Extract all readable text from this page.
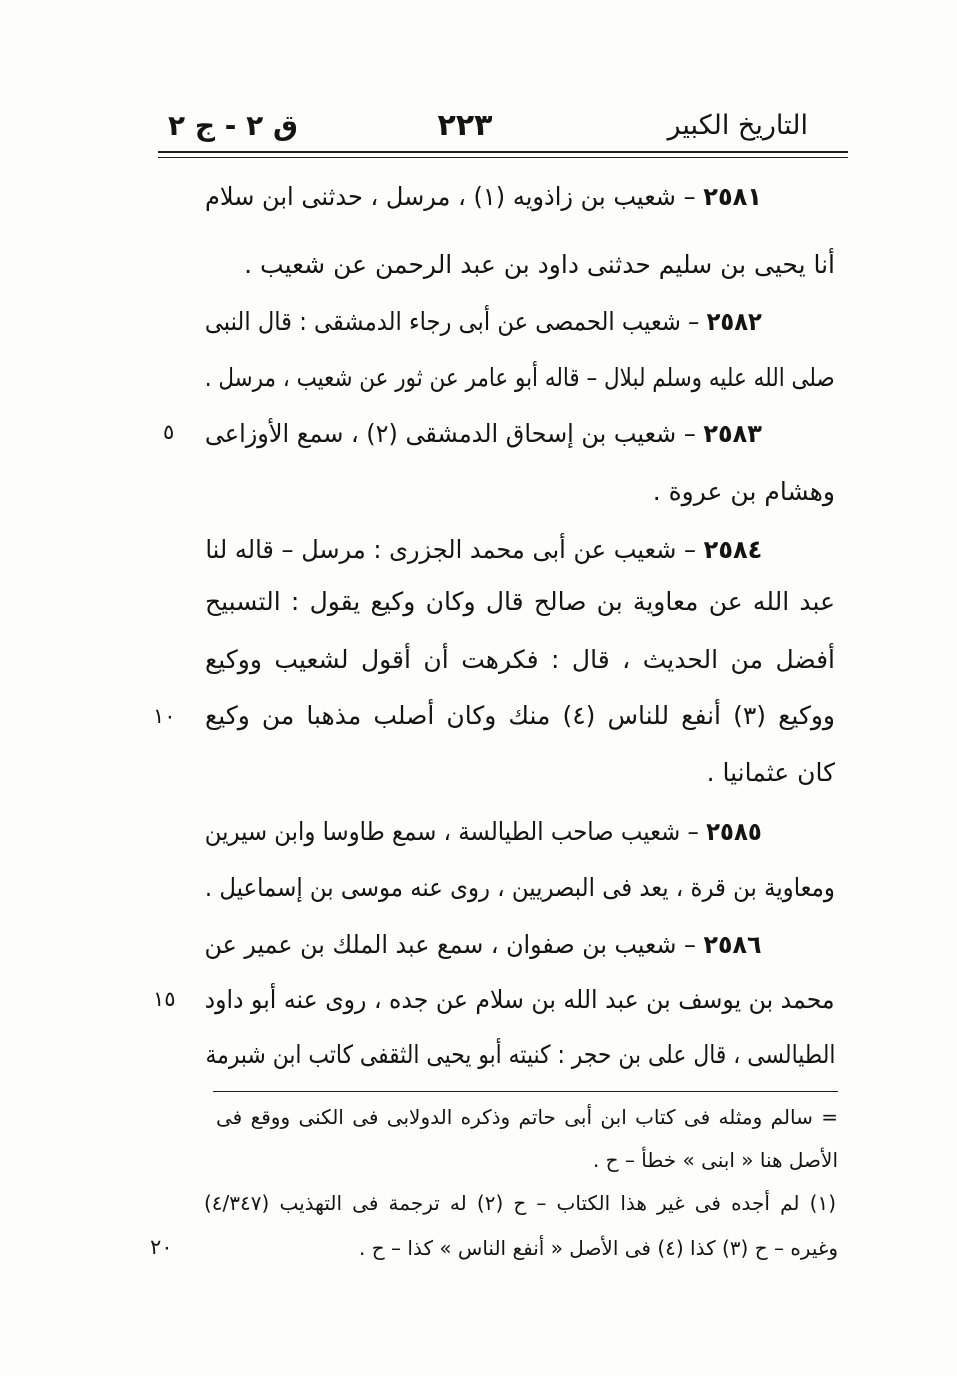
التاريخ الكبير
٢٢٣
ق ٢ - ج ٢
٢٥٨١ – شعيب بن زاذويه (١) ، مرسل ، حدثنى ابن سلام
أنا يحيى بن سليم حدثنى داود بن عبد الرحمن عن شعيب .
٢٥٨٢ – شعيب الحمصى عن أبى رجاء الدمشقى : قال النبى
صلى الله عليه وسلم لبلال – قاله أبو عامر عن ثور عن شعيب ، مرسل .
٢٥٨٣ – شعيب بن إسحاق الدمشقى (٢) ، سمع الأوزاعى
وهشام بن عروة .
٢٥٨٤ – شعيب عن أبى محمد الجزرى : مرسل – قاله لنا
عبد الله عن معاوية بن صالح قال وكان وكيع يقول : التسبيح
أفضل من الحديث ، قال : فكرهت أن أقول لشعيب ووكيع
ووكيع (٣) أنفع للناس (٤) منك وكان أصلب مذهبا من وكيع
كان عثمانيا .
٢٥٨٥ – شعيب صاحب الطيالسة ، سمع طاوسا وابن سيرين
ومعاوية بن قرة ، يعد فى البصريين ، روى عنه موسى بن إسماعيل .
٢٥٨٦ – شعيب بن صفوان ، سمع عبد الملك بن عمير عن
محمد بن يوسف بن عبد الله بن سلام عن جده ، روى عنه أبو داود
الطيالسى ، قال على بن حجر : كنيته أبو يحيى الثقفى كاتب ابن شبرمة
= سالم ومثله فى كتاب ابن أبى حاتم وذكره الدولابى فى الكنى ووقع فى
الأصل هنا « ابنى » خطأ – ح .
(١) لم أجده فى غير هذا الكتاب – ح (٢) له ترجمة فى التهذيب (٤/٣٤٧)
وغيره – ح (٣) كذا (٤) فى الأصل « أنفع الناس » كذا – ح .
٥
١٠
١٥
٢٠
